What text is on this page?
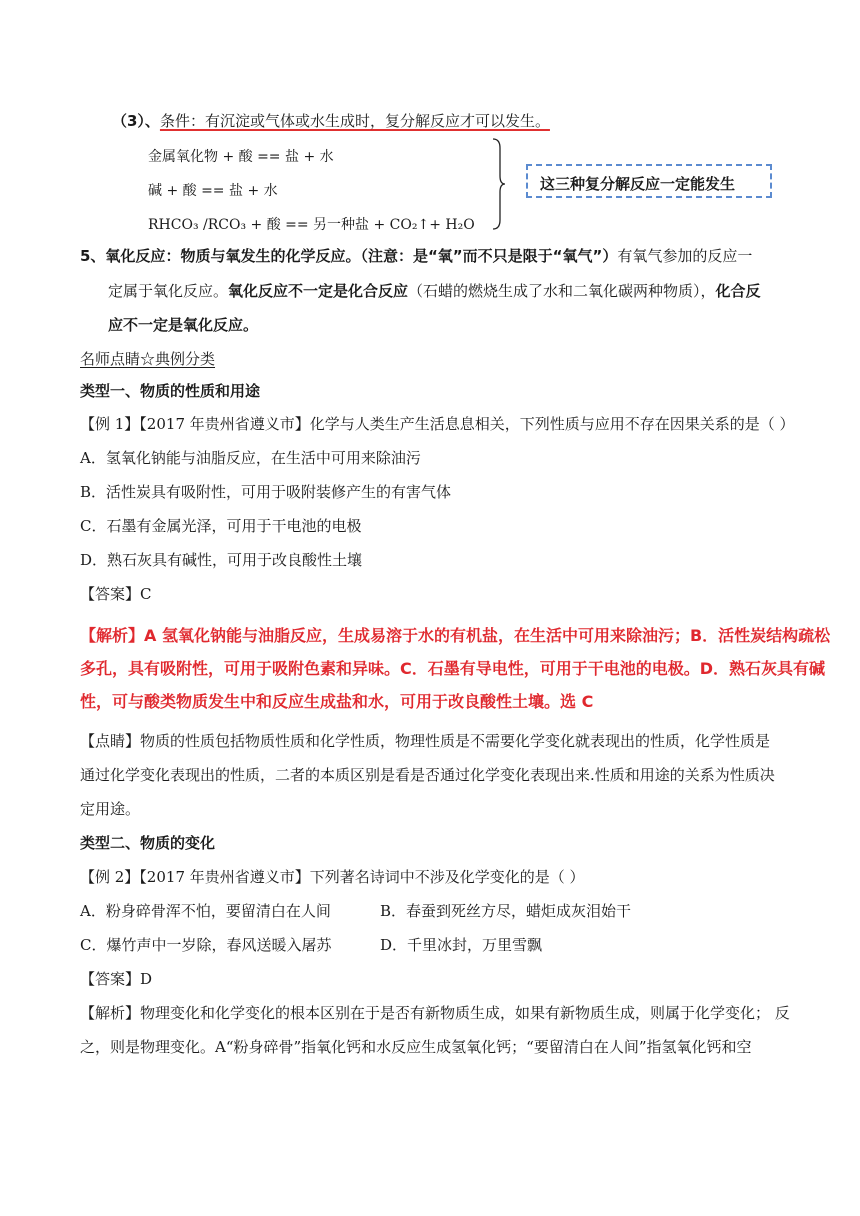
（3）、条件：有沉淀或气体或水生成时，复分解反应才可以发生。
金属氧化物 + 酸 == 盐 + 水
碱 + 酸 == 盐 + 水
RHCO₃ /RCO₃ + 酸 == 另一种盐 + CO₂↑+ H₂O
这三种复分解反应一定能发生
5、氧化反应：物质与氧发生的化学反应。（注意：是“氧”而不只是限于“氧气”）有氧气参加的反应一
定属于氧化反应。氧化反应不一定是化合反应（石蜡的燃烧生成了水和二氧化碳两种物质），化合反
应不一定是氧化反应。
名师点睛☆典例分类
类型一、物质的性质和用途
【例 1】【2017 年贵州省遵义市】化学与人类生产生活息息相关，下列性质与应用不存在因果关系的是（ ）
A．氢氧化钠能与油脂反应，在生活中可用来除油污
B．活性炭具有吸附性，可用于吸附装修产生的有害气体
C．石墨有金属光泽，可用于干电池的电极
D．熟石灰具有碱性，可用于改良酸性土壤
【答案】C
【解析】A 氢氧化钠能与油脂反应，生成易溶于水的有机盐，在生活中可用来除油污；B．活性炭结构疏松
多孔，具有吸附性，可用于吸附色素和异味。C．石墨有导电性，可用于干电池的电极。D．熟石灰具有碱
性，可与酸类物质发生中和反应生成盐和水，可用于改良酸性土壤。选 C
【点睛】物质的性质包括物质性质和化学性质，物理性质是不需要化学变化就表现出的性质，化学性质是
通过化学变化表现出的性质，二者的本质区别是看是否通过化学变化表现出来.性质和用途的关系为性质决
定用途。
类型二、物质的变化
【例 2】【2017 年贵州省遵义市】下列著名诗词中不涉及化学变化的是（ ）
A．粉身碎骨浑不怕，要留清白在人间	B．春蚕到死丝方尽，蜡炬成灰泪始干
C．爆竹声中一岁除，春风送暖入屠苏	D．千里冰封，万里雪飘
【答案】D
【解析】物理变化和化学变化的根本区别在于是否有新物质生成，如果有新物质生成，则属于化学变化； 反
之，则是物理变化。A“粉身碎骨”指氧化钙和水反应生成氢氧化钙；“要留清白在人间”指氢氧化钙和空
